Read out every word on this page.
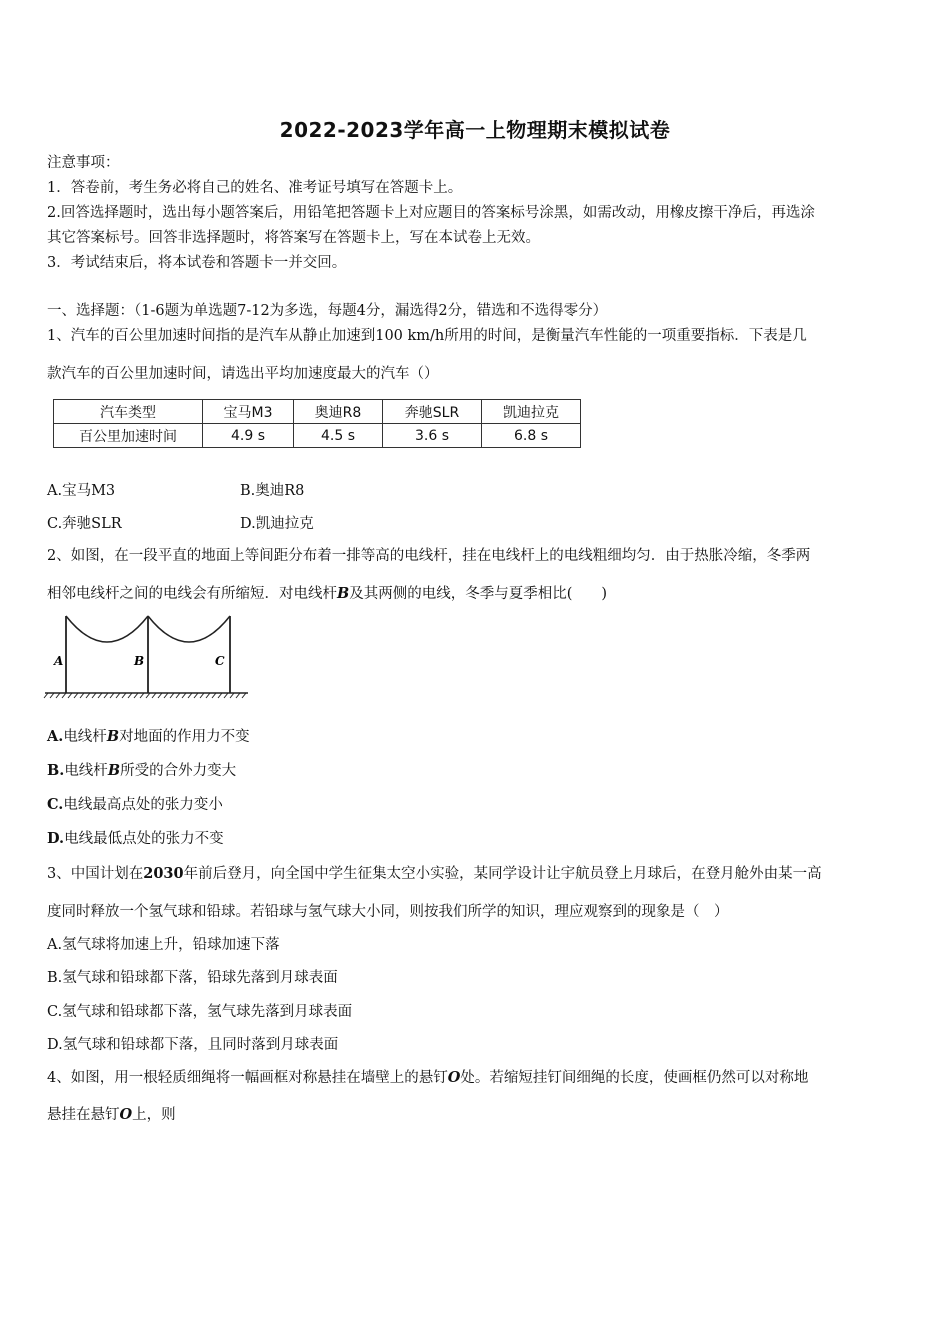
2022-2023学年高一上物理期末模拟试卷
注意事项：
1．答卷前，考生务必将自己的姓名、准考证号填写在答题卡上。
2.回答选择题时，选出每小题答案后，用铅笔把答题卡上对应题目的答案标号涂黑，如需改动，用橡皮擦干净后，再选涂
其它答案标号。回答非选择题时，将答案写在答题卡上，写在本试卷上无效。
3．考试结束后，将本试卷和答题卡一并交回。
一、选择题：（1-6题为单选题7-12为多选，每题4分，漏选得2分，错选和不选得零分）
1、汽车的百公里加速时间指的是汽车从静止加速到100 km/h所用的时间，是衡量汽车性能的一项重要指标．下表是几
款汽车的百公里加速时间，请选出平均加速度最大的汽车（）
汽车类型	宝马M3	奥迪R8	奔驰SLR	凯迪拉克
百公里加速时间	4.9 s	4.5 s	3.6 s	6.8 s
A.宝马M3	B.奥迪R8
C.奔驰SLR	D.凯迪拉克
2、如图，在一段平直的地面上等间距分布着一排等高的电线杆，挂在电线杆上的电线粗细均匀．由于热胀冷缩，冬季两
相邻电线杆之间的电线会有所缩短．对电线杆B及其两侧的电线，冬季与夏季相比(　　)
A	B	C
A.电线杆B对地面的作用力不变
B.电线杆B所受的合外力变大
C.电线最高点处的张力变小
D.电线最低点处的张力不变
3、中国计划在2030年前后登月，向全国中学生征集太空小实验，某同学设计让宇航员登上月球后，在登月舱外由某一高
度同时释放一个氢气球和铅球。若铅球与氢气球大小同，则按我们所学的知识，理应观察到的现象是（　）
A.氢气球将加速上升，铅球加速下落
B.氢气球和铅球都下落，铅球先落到月球表面
C.氢气球和铅球都下落，氢气球先落到月球表面
D.氢气球和铅球都下落，且同时落到月球表面
4、如图，用一根轻质细绳将一幅画框对称悬挂在墙壁上的悬钉O处。若缩短挂钉间细绳的长度，使画框仍然可以对称地
悬挂在悬钉O上，则
